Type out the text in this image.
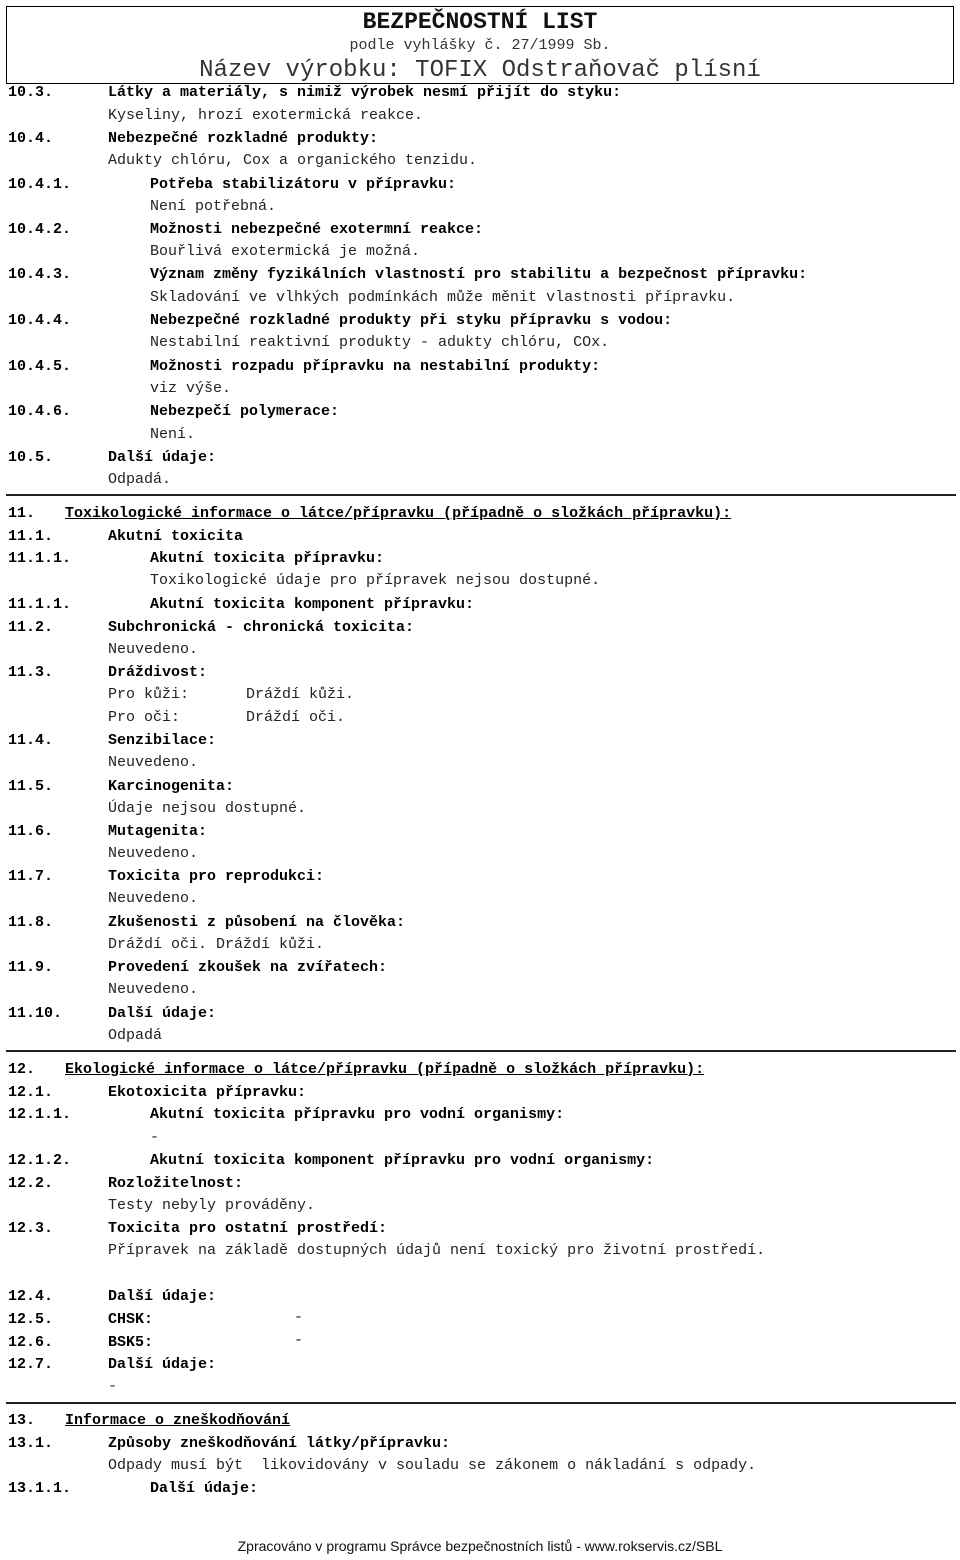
BEZPEČNOSTNÍ LIST
podle vyhlášky č. 27/1999 Sb.
Název výrobku: TOFIX Odstraňovač plísní
10.3.	Látky a materiály, s nimiž výrobek nesmí přijít do styku:
Kyseliny, hrozí exotermická reakce.
10.4.	Nebezpečné rozkladné produkty:
Adukty chlóru, Cox a organického tenzidu.
10.4.1.	Potřeba stabilizátoru v přípravku:
Není potřebná.
10.4.2.	Možnosti nebezpečné exotermní reakce:
Bouřlivá exotermická je možná.
10.4.3.	Význam změny fyzikálních vlastností pro stabilitu a bezpečnost přípravku:
Skladování ve vlhkých podmínkách může měnit vlastnosti přípravku.
10.4.4.	Nebezpečné rozkladné produkty při styku přípravku s vodou:
Nestabilní reaktivní produkty - adukty chlóru, COx.
10.4.5.	Možnosti rozpadu přípravku na nestabilní produkty:
viz výše.
10.4.6.	Nebezpečí polymerace:
Není.
10.5.	Další údaje:
Odpadá.
11. Toxikologické informace o látce/přípravku (případně o složkách přípravku):
11.1.	Akutní toxicita
11.1.1.	Akutní toxicita přípravku:
Toxikologické údaje pro přípravek nejsou dostupné.
11.1.1.	Akutní toxicita komponent přípravku:
11.2.	Subchronická - chronická toxicita:
Neuvedeno.
11.3.	Dráždivost:
Pro kůži:	Dráždí kůži.
Pro oči:	Dráždí oči.
11.4.	Senzibilace:
Neuvedeno.
11.5.	Karcinogenita:
Údaje nejsou dostupné.
11.6.	Mutagenita:
Neuvedeno.
11.7.	Toxicita pro reprodukci:
Neuvedeno.
11.8.	Zkušenosti z působení na člověka:
Dráždí oči. Dráždí kůži.
11.9.	Provedení zkoušek na zvířatech:
Neuvedeno.
11.10.	Další údaje:
Odpadá
12. Ekologické informace o látce/přípravku (případně o složkách přípravku):
12.1.	Ekotoxicita přípravku:
12.1.1.	Akutní toxicita přípravku pro vodní organismy:
-
12.1.2.	Akutní toxicita komponent přípravku pro vodní organismy:
12.2.	Rozložitelnost:
Testy nebyly prováděny.
12.3.	Toxicita pro ostatní prostředí:
Přípravek na základě dostupných údajů není toxický pro životní prostředí.
12.4.	Další údaje:
12.5.	CHSK:	-
12.6.	BSK5:	-
12.7.	Další údaje:
-
13. Informace o zneškodňování
13.1.	Způsoby zneškodňování látky/přípravku:
Odpady musí být  likovidovány v souladu se zákonem o nákladání s odpady.
13.1.1.	Další údaje:
Zpracováno v programu Správce bezpečnostních listů - www.rokservis.cz/SBL
